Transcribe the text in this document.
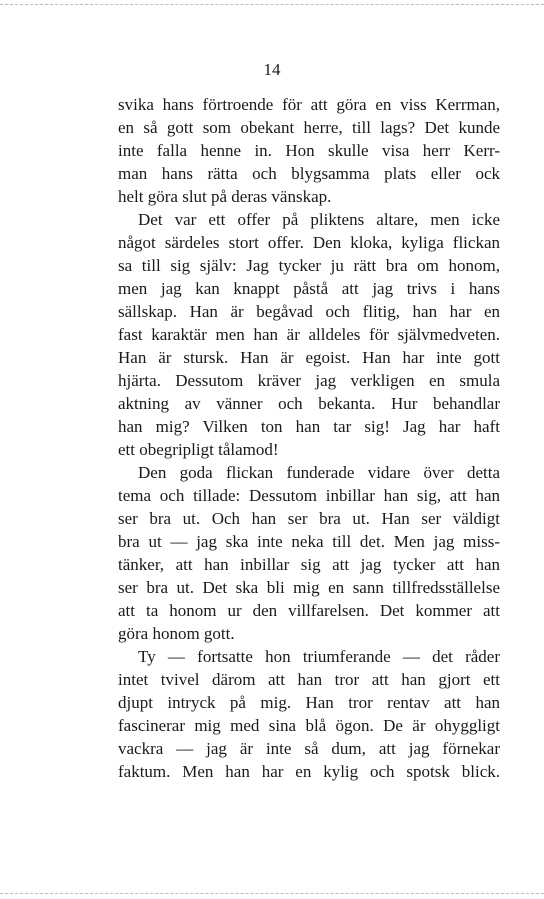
14
svika hans förtroende för att göra en viss Kerrman,
en så gott som obekant herre, till lags? Det kunde
inte falla henne in. Hon skulle visa herr Kerr-
man hans rätta och blygsamma plats eller ock
helt göra slut på deras vänskap.
Det var ett offer på pliktens altare, men icke
något särdeles stort offer. Den kloka, kyliga flickan
sa till sig själv: Jag tycker ju rätt bra om honom,
men jag kan knappt påstå att jag trivs i hans
sällskap. Han är begåvad och flitig, han har en
fast karaktär men han är alldeles för självmedveten.
Han är stursk. Han är egoist. Han har inte gott
hjärta. Dessutom kräver jag verkligen en smula
aktning av vänner och bekanta. Hur behandlar
han mig? Vilken ton han tar sig! Jag har haft
ett obegripligt tålamod!
Den goda flickan funderade vidare över detta
tema och tillade: Dessutom inbillar han sig, att han
ser bra ut. Och han ser bra ut. Han ser väldigt
bra ut — jag ska inte neka till det. Men jag miss-
tänker, att han inbillar sig att jag tycker att han
ser bra ut. Det ska bli mig en sann tillfredsställelse
att ta honom ur den villfarelsen. Det kommer att
göra honom gott.
Ty — fortsatte hon triumferande — det råder
intet tvivel därom att han tror att han gjort ett
djupt intryck på mig. Han tror rentav att han
fascinerar mig med sina blå ögon. De är ohyggligt
vackra — jag är inte så dum, att jag förnekar
faktum. Men han har en kylig och spotsk blick.
